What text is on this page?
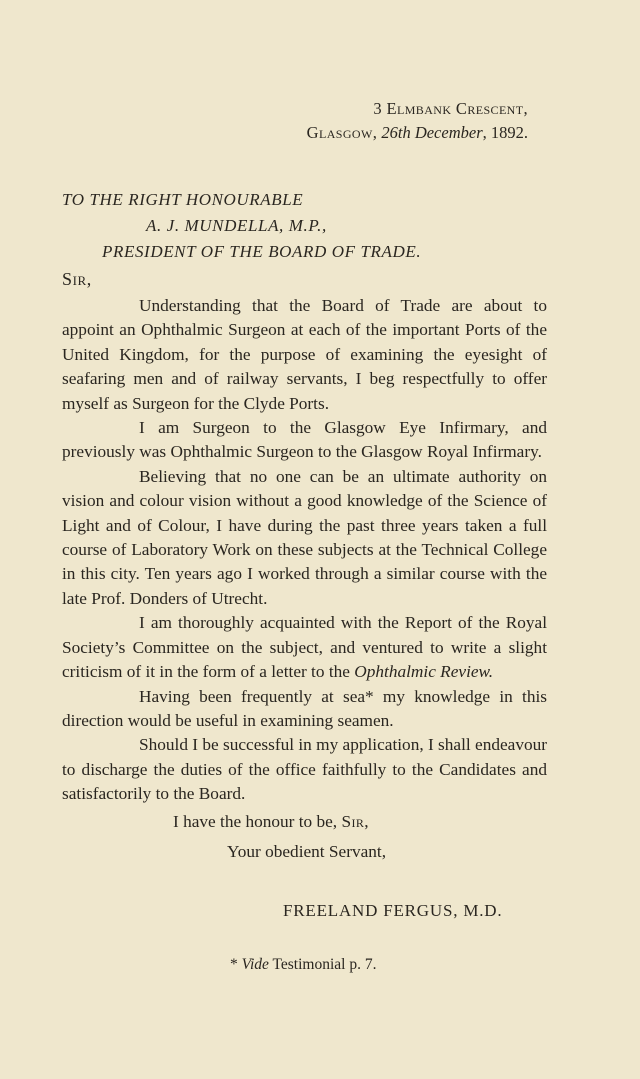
3 Elmbank Crescent,
Glasgow, 26th December, 1892.
TO THE RIGHT HONOURABLE
A. J. MUNDELLA, M.P.,
PRESIDENT OF THE BOARD OF TRADE.
Sir,

Understanding that the Board of Trade are about to appoint an Ophthalmic Surgeon at each of the important Ports of the United Kingdom, for the purpose of examining the eyesight of seafaring men and of railway servants, I beg respectfully to offer myself as Surgeon for the Clyde Ports.

I am Surgeon to the Glasgow Eye Infirmary, and previously was Ophthalmic Surgeon to the Glasgow Royal Infirmary.

Believing that no one can be an ultimate authority on vision and colour vision without a good knowledge of the Science of Light and of Colour, I have during the past three years taken a full course of Laboratory Work on these subjects at the Technical College in this city. Ten years ago I worked through a similar course with the late Prof. Donders of Utrecht.

I am thoroughly acquainted with the Report of the Royal Society’s Committee on the subject, and ventured to write a slight criticism of it in the form of a letter to the Ophthalmic Review.

Having been frequently at sea* my knowledge in this direction would be useful in examining seamen.

Should I be successful in my application, I shall endeavour to discharge the duties of the office faithfully to the Candidates and satisfactorily to the Board.

I have the honour to be, Sir,
Your obedient Servant,
FREELAND FERGUS, M.D.
* Vide Testimonial p. 7.
